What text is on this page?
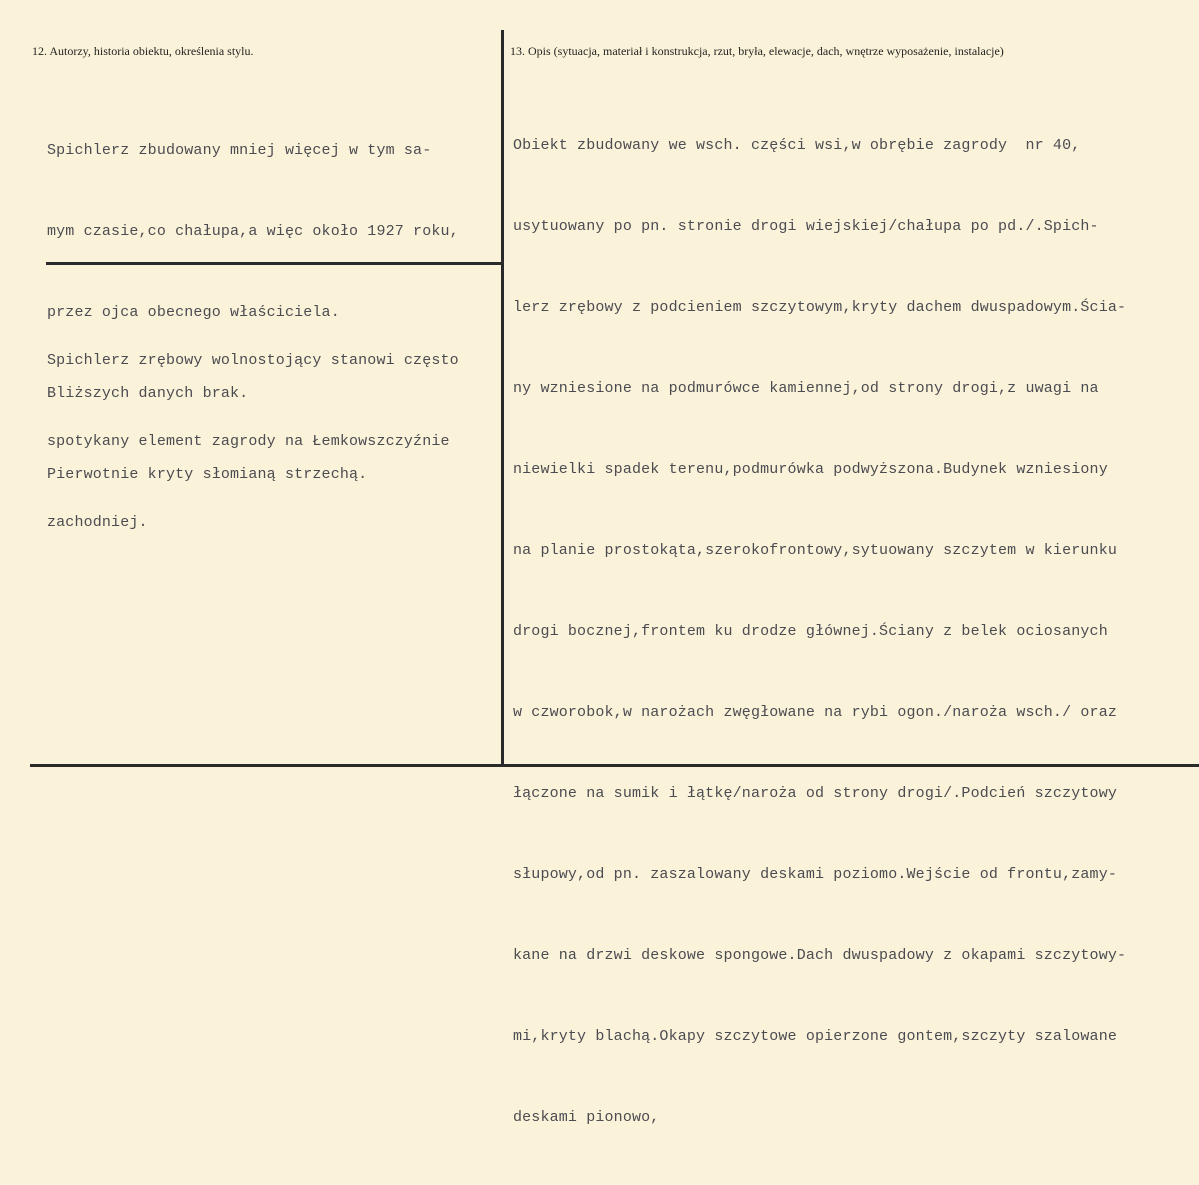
12. Autorzy, historia obiektu, określenia stylu.	13. Opis (sytuacja, materiał i konstrukcja, rzut, bryła, elewacje, dach, wnętrze wyposażenie, instalacje)

Spichlerz zbudowany mniej więcej w tym sa-

mym czasie,co chałupa,a więc około 1927 roku,

przez ojca obecnego właściciela.

Bliższych danych brak.

Pierwotnie kryty słomianą strzechą.

Spichlerz zrębowy wolnostojący stanowi często

spotykany element zagrody na Łemkowszczyźnie

zachodniej.

Obiekt zbudowany we wsch. części wsi,w obrębie zagrody  nr 40,

usytuowany po pn. stronie drogi wiejskiej/chałupa po pd./.Spich-

lerz zrębowy z podcieniem szczytowym,kryty dachem dwuspadowym.Ścia-

ny wzniesione na podmurówce kamiennej,od strony drogi,z uwagi na

niewielki spadek terenu,podmurówka podwyższona.Budynek wzniesiony

na planie prostokąta,szerokofrontowy,sytuowany szczytem w kierunku

drogi bocznej,frontem ku drodze głównej.Ściany z belek ociosanych

w czworobok,w narożach zwęgłowane na rybi ogon./naroża wsch./ oraz

łączone na sumik i łątkę/naroża od strony drogi/.Podcień szczytowy

słupowy,od pn. zaszalowany deskami poziomo.Wejście od frontu,zamy-

kane na drzwi deskowe spongowe.Dach dwuspadowy z okapami szczytowy-

mi,kryty blachą.Okapy szczytowe opierzone gontem,szczyty szalowane

deskami pionowo,
